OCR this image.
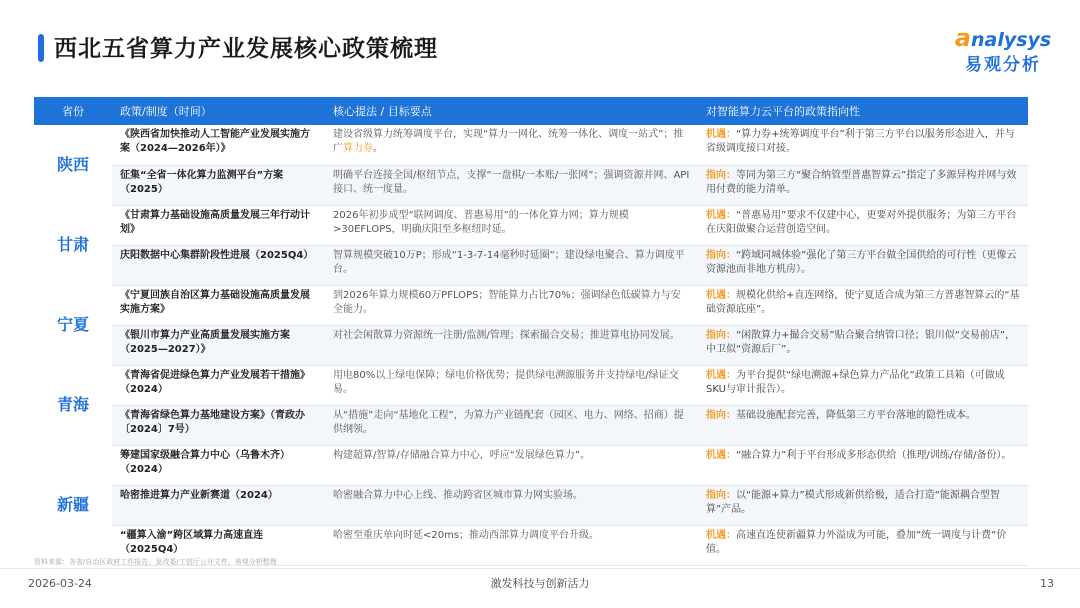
西北五省算力产业发展核心政策梳理	analysys
易观分析
省份	政策/制度（时间）	核心提法 / 目标要点	对智能算力云平台的政策指向性
陕西	《陕西省加快推动人工智能产业发展实施方案（2024—2026年）》	建设省级算力统筹调度平台，实现“算力一网化、统筹一体化、调度一站式”；推广算力券。	机遇：“算力券+统筹调度平台”利于第三方平台以服务形态进入，并与省级调度接口对接。
	征集“全省一体化算力监测平台”方案（2025）	明确平台连接全国/枢纽节点，支撑“一盘棋/一本账/一张网”；强调资源并网、API接口、统一度量。	指向：等同为第三方“聚合纳管型普惠智算云”指定了多源异构并网与效用付费的能力清单。
甘肃	《甘肃算力基础设施高质量发展三年行动计划》	2026年初步成型“联网调度、普惠易用”的一体化算力网；算力规模>30EFLOPS，明确庆阳至多枢纽时延。	机遇：“普惠易用”要求不仅建中心，更要对外提供服务；为第三方平台在庆阳做聚合运营创造空间。
	庆阳数据中心集群阶段性进展（2025Q4）	智算规模突破10万P；形成“1-3-7-14毫秒时延圈”；建设绿电聚合、算力调度平台。	指向：“跨域同城体验”强化了第三方平台做全国供给的可行性（更像云资源池而非地方机房）。
宁夏	《宁夏回族自治区算力基础设施高质量发展实施方案》	到2026年算力规模60万PFLOPS；智能算力占比70%；强调绿色低碳算力与安全能力。	机遇：规模化供给+直连网络，使宁夏适合成为第三方普惠智算云的“基础资源底座”。
	《银川市算力产业高质量发展实施方案（2025—2027）》	对社会闲散算力资源统一注册/监测/管理；探索撮合交易；推进算电协同发展。	指向：“闲散算力+撮合交易”贴合聚合纳管口径；银川似“交易前店”，中卫似“资源后厂”。
青海	《青海省促进绿色算力产业发展若干措施》（2024）	用电80%以上绿电保障；绿电价格优势；提供绿电溯源服务并支持绿电/绿证交易。	机遇：为平台提供“绿电溯源+绿色算力产品化”政策工具箱（可做成SKU与审计报告）。
	《青海省绿色算力基地建设方案》（青政办〔2024〕7号）	从“措施”走向“基地化工程”，为算力产业链配套（园区、电力、网络、招商）提供纲领。	指向：基础设施配套完善，降低第三方平台落地的隐性成本。
新疆	筹建国家级融合算力中心（乌鲁木齐）（2024）	构建超算/智算/存储融合算力中心，呼应“发展绿色算力”。	机遇：“融合算力”利于平台形成多形态供给（推理/训练/存储/备份）。
	哈密推进算力产业新赛道（2024）	哈密融合算力中心上线、推动跨省区城市算力网实验场。	指向：以“能源+算力”模式形成新供给极，适合打造“能源耦合型智算”产品。
	“疆算入渝”跨区域算力高速直连（2025Q4）	哈密至重庆单向时延<20ms；推动西部算力调度平台升级。	机遇：高速直连使新疆算力外溢成为可能，叠加“统一调度与计费”价值。
资料来源：各省/自治区政府工作报告、发改委/工信厅公开文件、易观分析整理
2026-03-24	激发科技与创新活力	13
